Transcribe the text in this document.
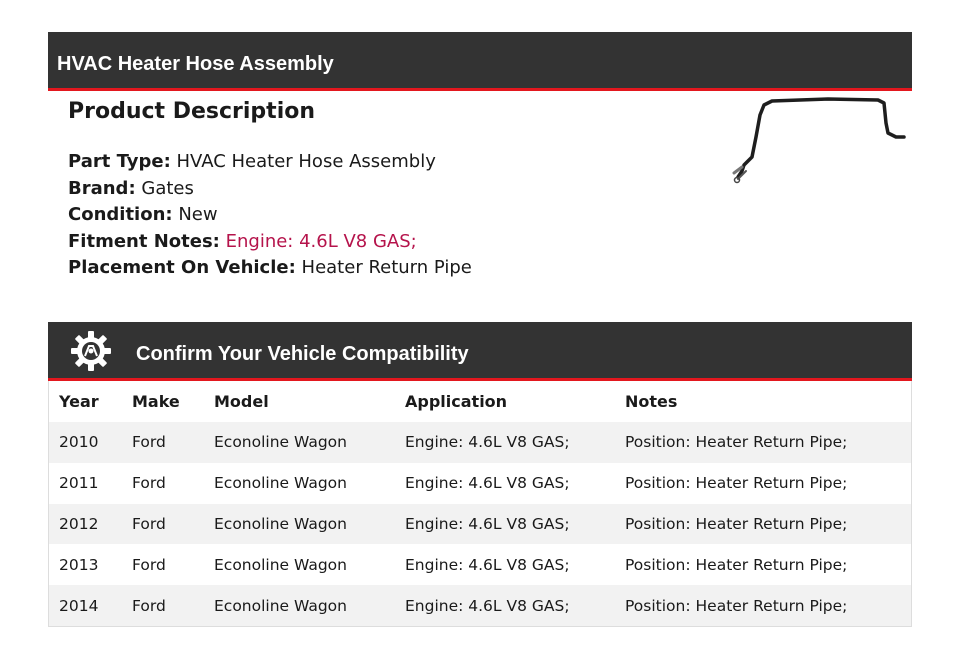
HVAC Heater Hose Assembly
Product Description
Part Type: HVAC Heater Hose Assembly
Brand: Gates
Condition: New
Fitment Notes: Engine: 4.6L V8 GAS;
Placement On Vehicle: Heater Return Pipe
Confirm Your Vehicle Compatibility
Year	Make	Model	Application	Notes
2010	Ford	Econoline Wagon	Engine: 4.6L V8 GAS;	Position: Heater Return Pipe;
2011	Ford	Econoline Wagon	Engine: 4.6L V8 GAS;	Position: Heater Return Pipe;
2012	Ford	Econoline Wagon	Engine: 4.6L V8 GAS;	Position: Heater Return Pipe;
2013	Ford	Econoline Wagon	Engine: 4.6L V8 GAS;	Position: Heater Return Pipe;
2014	Ford	Econoline Wagon	Engine: 4.6L V8 GAS;	Position: Heater Return Pipe;
